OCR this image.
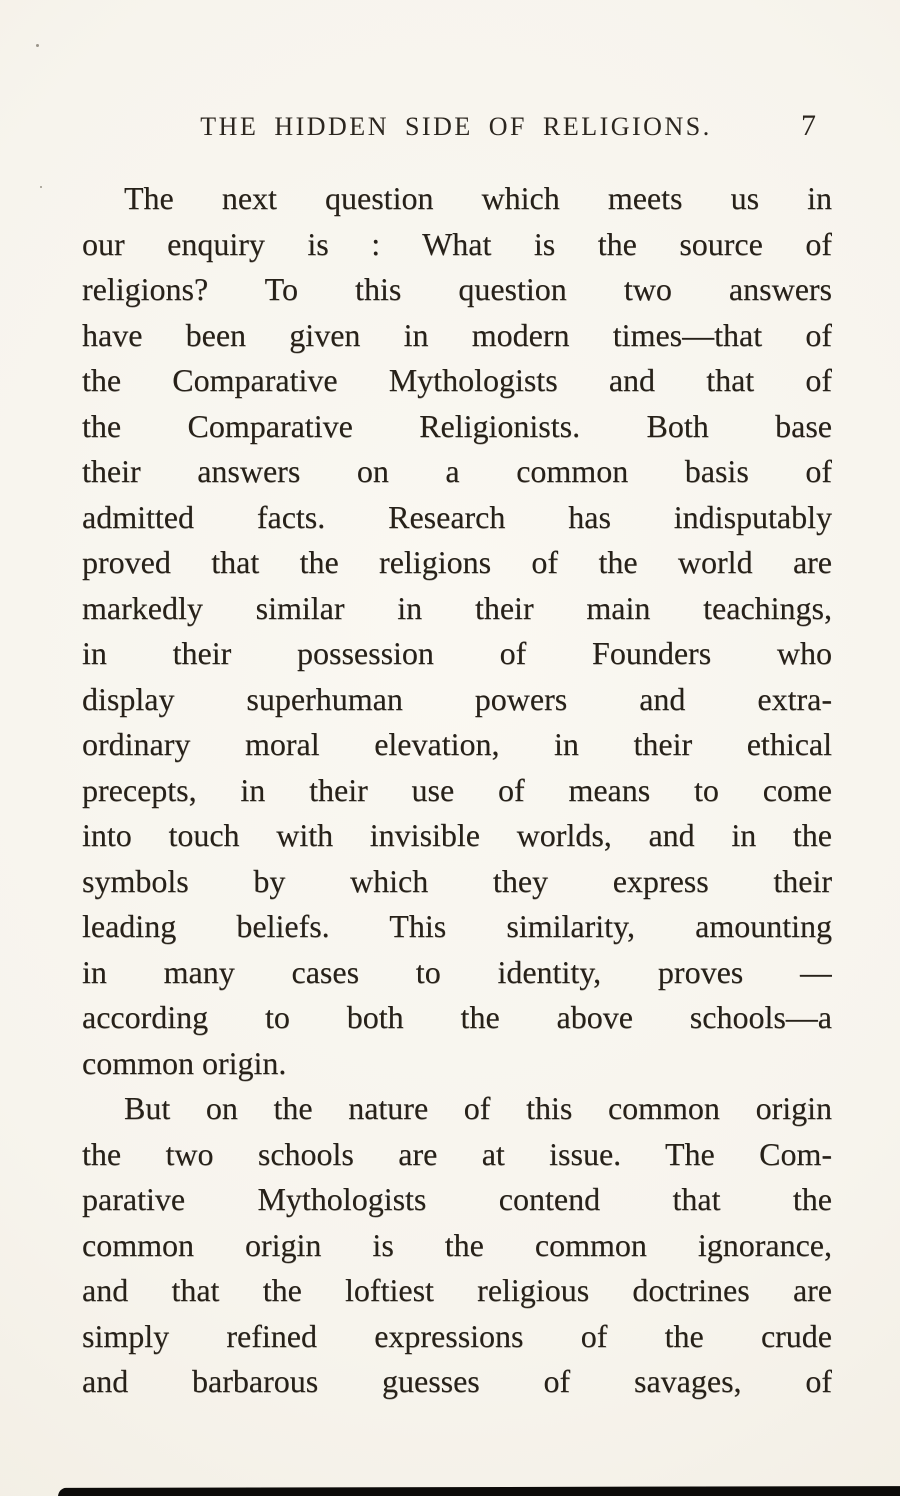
THE HIDDEN SIDE OF RELIGIONS.	7
The next question which meets us in
our enquiry is : What is the source of
religions? To this question two answers
have been given in modern times—that of
the Comparative Mythologists and that of
the Comparative Religionists. Both base
their answers on a common basis of
admitted facts. Research has indisputably
proved that the religions of the world are
markedly similar in their main teachings,
in their possession of Founders who
display superhuman powers and extra-
ordinary moral elevation, in their ethical
precepts, in their use of means to come
into touch with invisible worlds, and in the
symbols by which they express their
leading beliefs. This similarity, amounting
in many cases to identity, proves —
according to both the above schools—a
common origin.
But on the nature of this common origin
the two schools are at issue. The Com-
parative Mythologists contend that the
common origin is the common ignorance,
and that the loftiest religious doctrines are
simply refined expressions of the crude
and barbarous guesses of savages, of
